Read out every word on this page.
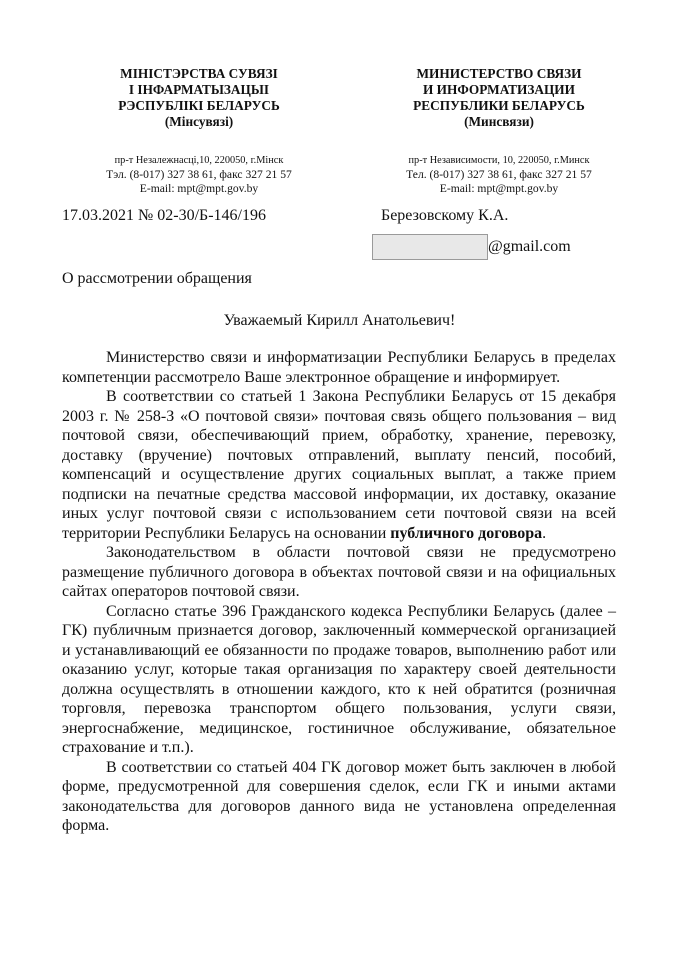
МІНІСТЭРСТВА СУВЯЗІ
І ІНФАРМАТЫЗАЦЫІ
РЭСПУБЛІКІ БЕЛАРУСЬ
(Мінсувязі)
пр-т Незалежнасці,10, 220050, г.Мінск
Тэл. (8-017) 327 38 61, факс 327 21 57
E-mail: mpt@mpt.gov.by
МИНИСТЕРСТВО СВЯЗИ
И ИНФОРМАТИЗАЦИИ
РЕСПУБЛИКИ БЕЛАРУСЬ
(Минсвязи)
пр-т Независимости, 10, 220050, г.Минск
Тел. (8-017) 327 38 61, факс 327 21 57
E-mail: mpt@mpt.gov.by
17.03.2021 № 02-30/Б-146/196	Березовскому К.А.
@gmail.com
О рассмотрении обращения
Уважаемый Кирилл Анатольевич!

Министерство связи и информатизации Республики Беларусь в пределах компетенции рассмотрело Ваше электронное обращение и информирует.

В соответствии со статьей 1 Закона Республики Беларусь от 15 декабря 2003 г. № 258-З «О почтовой связи» почтовая связь общего пользования – вид почтовой связи, обеспечивающий прием, обработку, хранение, перевозку, доставку (вручение) почтовых отправлений, выплату пенсий, пособий, компенсаций и осуществление других социальных выплат, а также прием подписки на печатные средства массовой информации, их доставку, оказание иных услуг почтовой связи с использованием сети почтовой связи на всей территории Республики Беларусь на основании публичного договора.

Законодательством в области почтовой связи не предусмотрено размещение публичного договора в объектах почтовой связи и на официальных сайтах операторов почтовой связи.

Согласно статье 396 Гражданского кодекса Республики Беларусь (далее – ГК) публичным признается договор, заключенный коммерческой организацией и устанавливающий ее обязанности по продаже товаров, выполнению работ или оказанию услуг, которые такая организация по характеру своей деятельности должна осуществлять в отношении каждого, кто к ней обратится (розничная торговля, перевозка транспортом общего пользования, услуги связи, энергоснабжение, медицинское, гостиничное обслуживание, обязательное страхование и т.п.).

В соответствии со статьей 404 ГК договор может быть заключен в любой форме, предусмотренной для совершения сделок, если ГК и иными актами законодательства для договоров данного вида не установлена определенная форма.
